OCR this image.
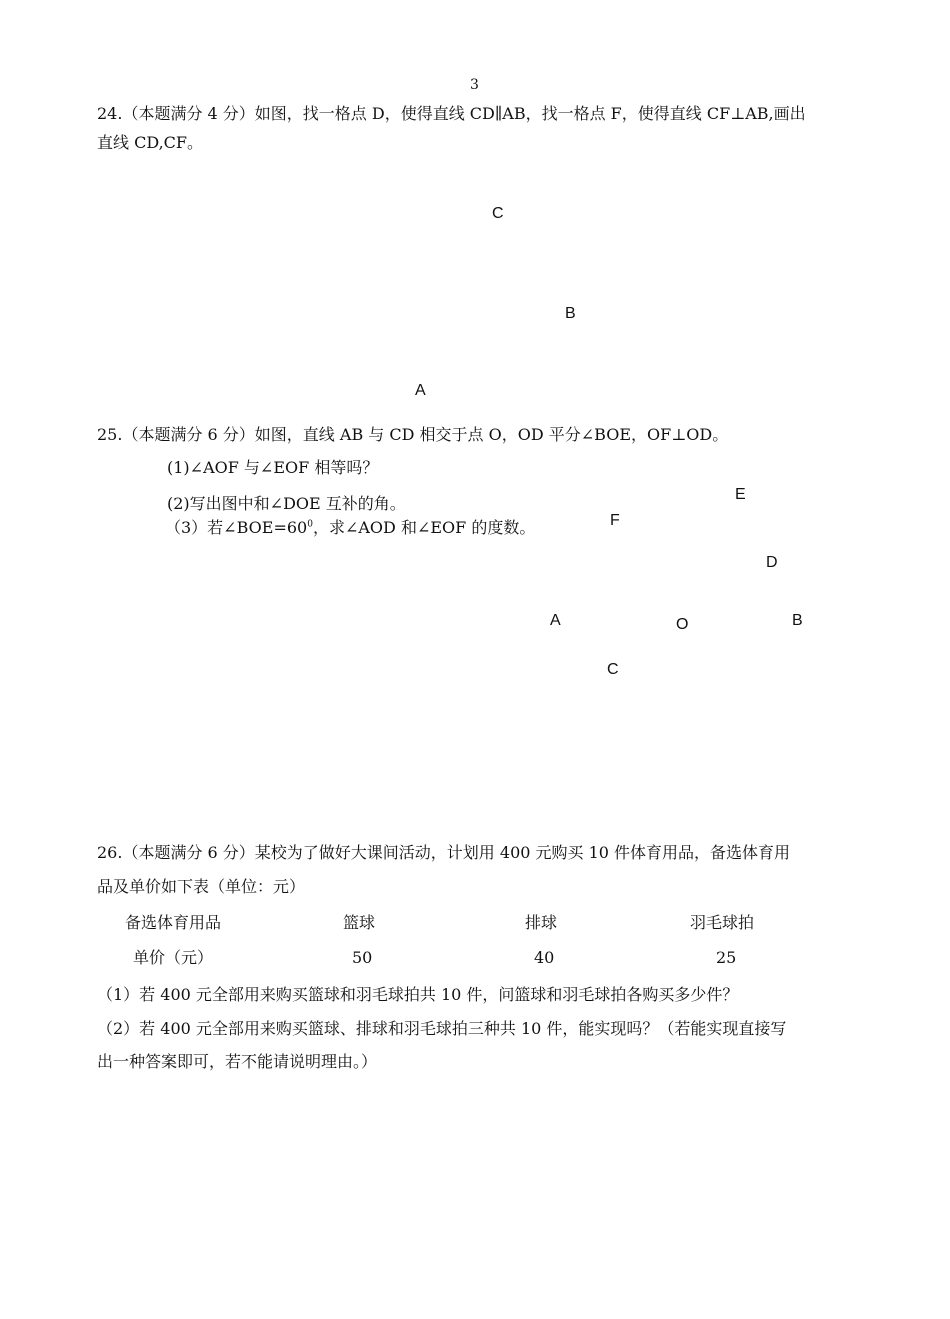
3
24.（本题满分 4 分）如图，找一格点 D，使得直线 CD∥AB，找一格点 F，使得直线 CF⊥AB,画出
直线 CD,CF。
C
B
A
25.（本题满分 6 分）如图，直线 AB 与 CD 相交于点 O，OD 平分∠BOE，OF⊥OD。
(1)∠AOF 与∠EOF 相等吗？
(2)写出图中和∠DOE 互补的角。
（3）若$\angle BOE=60^0$，求∠AOD 和∠EOF 的度数。
E
F
D
A	O	B
C
26.（本题满分 6 分）某校为了做好大课间活动，计划用 400 元购买 10 件体育用品，备选体育用
品及单价如下表（单位：元）
备选体育用品	篮球	排球	羽毛球拍
单价（元）	50	40	25
（1）若 400 元全部用来购买篮球和羽毛球拍共 10 件，问篮球和羽毛球拍各购买多少件？
（2）若 400 元全部用来购买篮球、排球和羽毛球拍三种共 10 件，能实现吗？（若能实现直接写
出一种答案即可，若不能请说明理由。）
